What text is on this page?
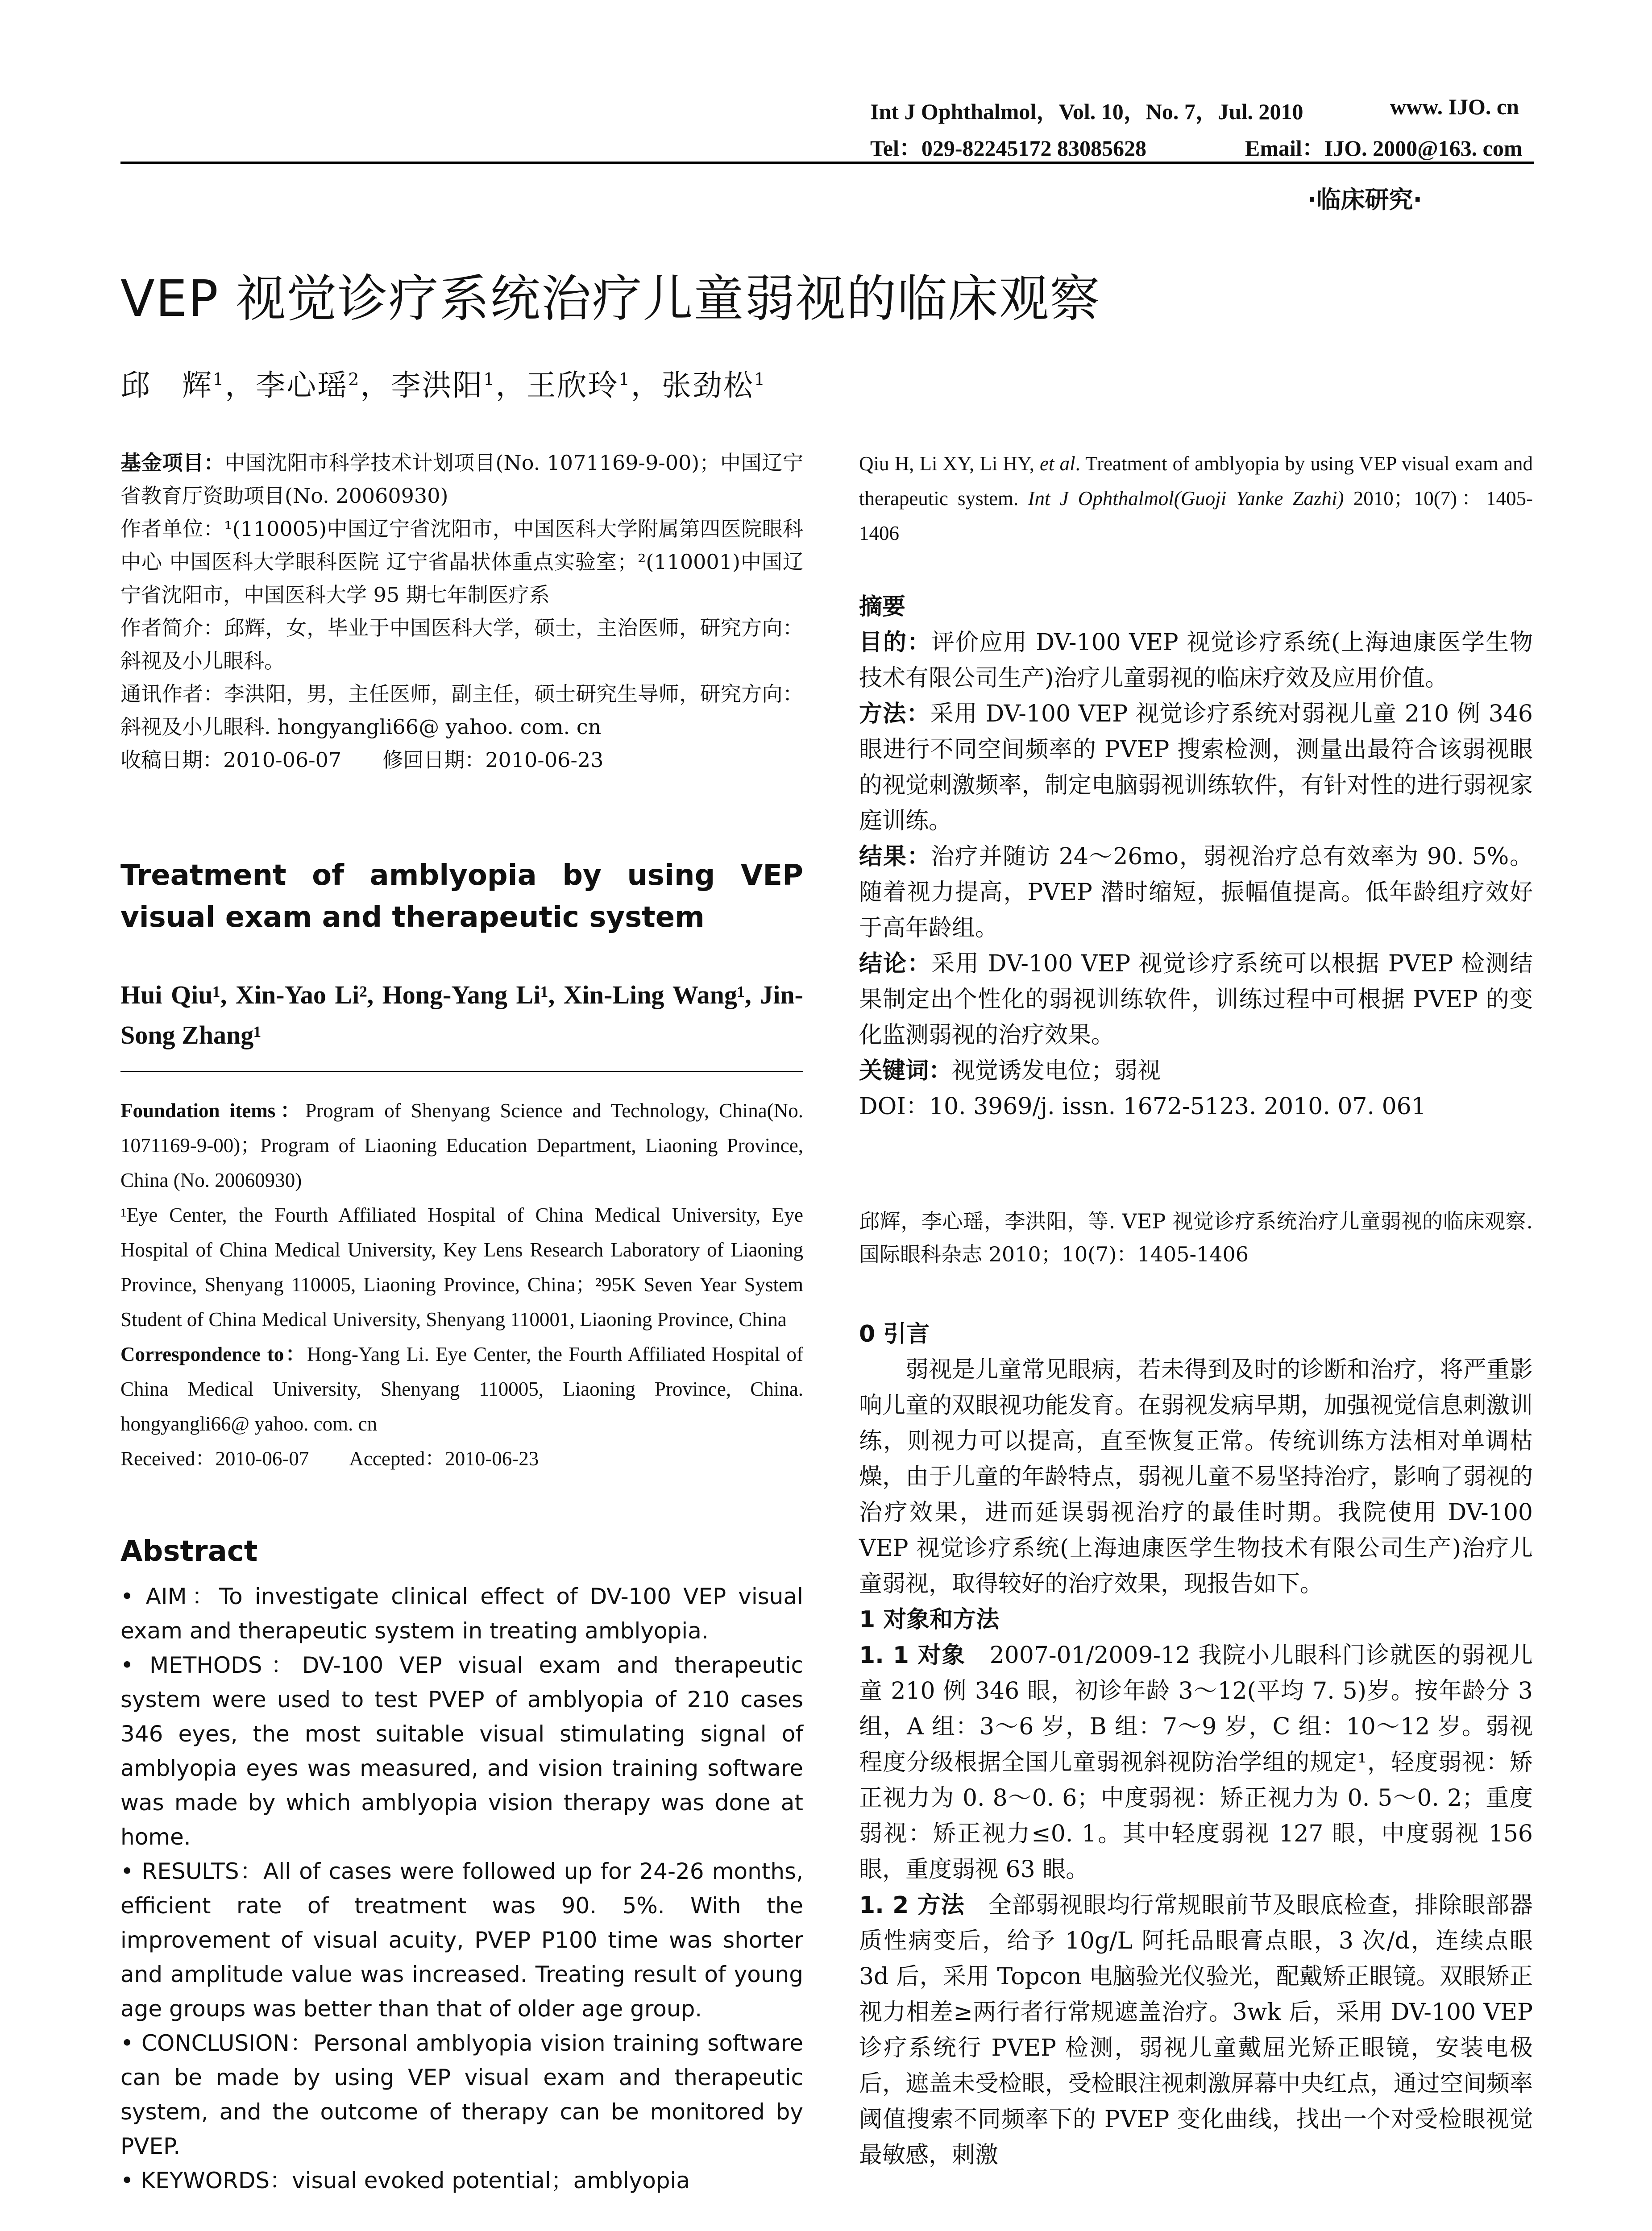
Int J Ophthalmol，Vol. 10，No. 7，Jul. 2010	www. IJO. cn
Tel：029-82245172 83085628	Email：IJO. 2000@163. com
·临床研究·
VEP 视觉诊疗系统治疗儿童弱视的临床观察
邱　辉$^1$，李心瑶$^2$，李洪阳$^1$，王欣玲$^1$，张劲松$^1$

基金项目：中国沈阳市科学技术计划项目(No. 1071169-9-00)；中国辽宁省教育厅资助项目(No. 20060930)

作者单位：¹(110005)中国辽宁省沈阳市，中国医科大学附属第四医院眼科中心 中国医科大学眼科医院 辽宁省晶状体重点实验室；²(110001)中国辽宁省沈阳市，中国医科大学 95 期七年制医疗系

作者简介：邱辉，女，毕业于中国医科大学，硕士，主治医师，研究方向：斜视及小儿眼科。

通讯作者：李洪阳，男，主任医师，副主任，硕士研究生导师，研究方向：斜视及小儿眼科. hongyangli66@ yahoo. com. cn

收稿日期：2010-06-07　　修回日期：2010-06-23

Treatment of amblyopia by using VEP visual exam and therapeutic system
Hui Qiu¹, Xin-Yao Li², Hong-Yang Li¹, Xin-Ling Wang¹, Jin-Song Zhang¹

Foundation items：Program of Shenyang Science and Technology, China(No. 1071169-9-00)；Program of Liaoning Education Department, Liaoning Province, China (No. 20060930)

¹Eye Center, the Fourth Affiliated Hospital of China Medical University, Eye Hospital of China Medical University, Key Lens Research Laboratory of Liaoning Province, Shenyang 110005, Liaoning Province, China；²95K Seven Year System Student of China Medical University, Shenyang 110001, Liaoning Province, China

Correspondence to：Hong-Yang Li. Eye Center, the Fourth Affiliated Hospital of China Medical University, Shenyang 110005, Liaoning Province, China. hongyangli66@ yahoo. com. cn

Received：2010-06-07　　Accepted：2010-06-23

Abstract

• AIM：To investigate clinical effect of DV-100 VEP visual exam and therapeutic system in treating amblyopia.

• METHODS：DV-100 VEP visual exam and therapeutic system were used to test PVEP of amblyopia of 210 cases 346 eyes, the most suitable visual stimulating signal of amblyopia eyes was measured, and vision training software was made by which amblyopia vision therapy was done at home.

• RESULTS：All of cases were followed up for 24-26 months, efficient rate of treatment was 90. 5%. With the improvement of visual acuity, PVEP P100 time was shorter and amplitude value was increased. Treating result of young age groups was better than that of older age group.

• CONCLUSION：Personal amblyopia vision training software can be made by using VEP visual exam and therapeutic system, and the outcome of therapy can be monitored by PVEP.

• KEYWORDS：visual evoked potential；amblyopia

Qiu H, Li XY, Li HY, et al. Treatment of amblyopia by using VEP visual exam and therapeutic system. Int J Ophthalmol(Guoji Yanke Zazhi) 2010；10(7)：1405-1406

摘要

目的：评价应用 DV-100 VEP 视觉诊疗系统(上海迪康医学生物技术有限公司生产)治疗儿童弱视的临床疗效及应用价值。

方法：采用 DV-100 VEP 视觉诊疗系统对弱视儿童 210 例 346 眼进行不同空间频率的 PVEP 搜索检测，测量出最符合该弱视眼的视觉刺激频率，制定电脑弱视训练软件，有针对性的进行弱视家庭训练。

结果：治疗并随访 24～26mo，弱视治疗总有效率为 90. 5%。随着视力提高，PVEP 潜时缩短，振幅值提高。低年龄组疗效好于高年龄组。

结论：采用 DV-100 VEP 视觉诊疗系统可以根据 PVEP 检测结果制定出个性化的弱视训练软件，训练过程中可根据 PVEP 的变化监测弱视的治疗效果。

关键词：视觉诱发电位；弱视

DOI：10. 3969/j. issn. 1672-5123. 2010. 07. 061

邱辉，李心瑶，李洪阳，等. VEP 视觉诊疗系统治疗儿童弱视的临床观察. 国际眼科杂志 2010；10(7)：1405-1406

0 引言

弱视是儿童常见眼病，若未得到及时的诊断和治疗，将严重影响儿童的双眼视功能发育。在弱视发病早期，加强视觉信息刺激训练，则视力可以提高，直至恢复正常。传统训练方法相对单调枯燥，由于儿童的年龄特点，弱视儿童不易坚持治疗，影响了弱视的治疗效果，进而延误弱视治疗的最佳时期。我院使用 DV-100 VEP 视觉诊疗系统(上海迪康医学生物技术有限公司生产)治疗儿童弱视，取得较好的治疗效果，现报告如下。

1 对象和方法

1. 1 对象　 2007-01/2009-12 我院小儿眼科门诊就医的弱视儿童 210 例 346 眼，初诊年龄 3～12(平均 7. 5)岁。按年龄分 3 组，A 组：3～6 岁，B 组：7～9 岁，C 组：10～12 岁。弱视程度分级根据全国儿童弱视斜视防治学组的规定¹，轻度弱视：矫正视力为 0. 8～0. 6；中度弱视：矫正视力为 0. 5～0. 2；重度弱视：矫正视力≤0. 1。其中轻度弱视 127 眼，中度弱视 156 眼，重度弱视 63 眼。

1. 2 方法　 全部弱视眼均行常规眼前节及眼底检查，排除眼部器质性病变后，给予 10g/L 阿托品眼膏点眼，3 次/d，连续点眼 3d 后，采用 Topcon 电脑验光仪验光，配戴矫正眼镜。双眼矫正视力相差≥两行者行常规遮盖治疗。3wk 后，采用 DV-100 VEP 诊疗系统行 PVEP 检测，弱视儿童戴屈光矫正眼镜，安装电极后，遮盖未受检眼，受检眼注视刺激屏幕中央红点，通过空间频率阈值搜索不同频率下的 PVEP 变化曲线，找出一个对受检眼视觉最敏感，刺激
